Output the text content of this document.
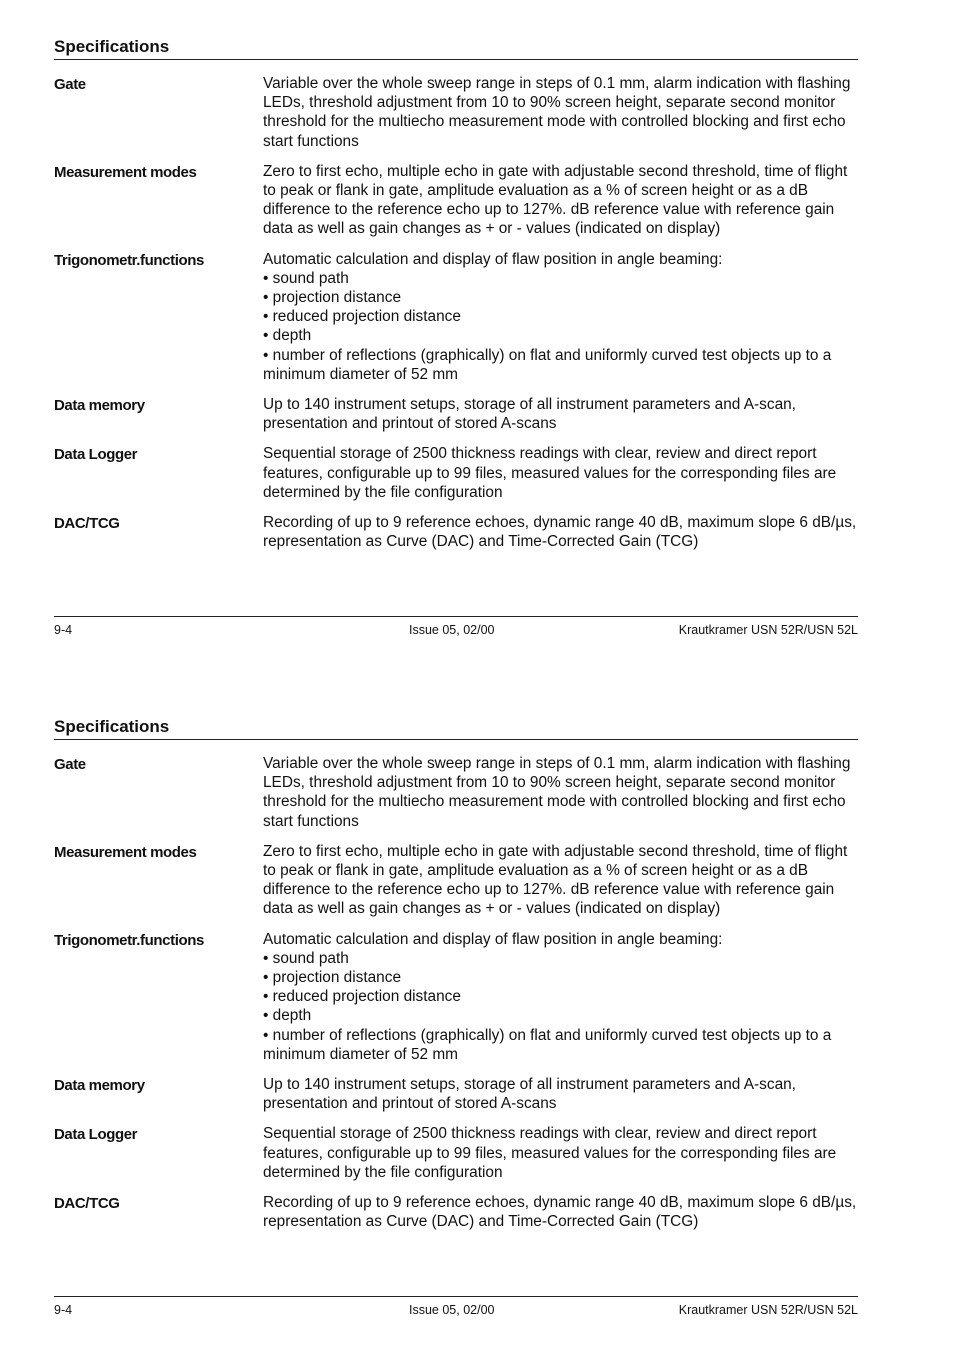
Specifications
Gate	Variable over the whole sweep range in steps of 0.1 mm, alarm indication with flashing LEDs, threshold adjustment from 10 to 90% screen height, separate second monitor threshold for the multiecho measurement mode with controlled blocking and first echo start functions

Measurement modes	Zero to first echo, multiple echo in gate with adjustable second threshold, time of flight to peak or flank in gate, amplitude evaluation as a % of screen height or as a dB difference to the reference echo up to 127%. dB reference value with reference gain data as well as gain changes as + or - values (indicated on display)

Trigonometr.functions	Automatic calculation and display of flaw position in angle beaming:

• sound path
• projection distance
• reduced projection distance
• depth
• number of reflections (graphically) on flat and uniformly curved test objects up to a minimum diameter of 52 mm
Data memory	Up to 140 instrument setups, storage of all instrument parameters and A-scan, presentation and printout of stored A-scans

Data Logger	Sequential storage of 2500 thickness readings with clear, review and direct report features, configurable up to 99 files, measured values for the corresponding files are determined by the file configuration

DAC/TCG	Recording of up to 9 reference echoes, dynamic range 40 dB, maximum slope 6 dB/µs, representation as Curve (DAC) and Time-Corrected Gain (TCG)

9-4	Issue 05, 02/00	Krautkramer USN 52R/USN 52L
Specifications
Gate	Variable over the whole sweep range in steps of 0.1 mm, alarm indication with flashing LEDs, threshold adjustment from 10 to 90% screen height, separate second monitor threshold for the multiecho measurement mode with controlled blocking and first echo start functions

Measurement modes	Zero to first echo, multiple echo in gate with adjustable second threshold, time of flight to peak or flank in gate, amplitude evaluation as a % of screen height or as a dB difference to the reference echo up to 127%. dB reference value with reference gain data as well as gain changes as + or - values (indicated on display)

Trigonometr.functions	Automatic calculation and display of flaw position in angle beaming:

• sound path
• projection distance
• reduced projection distance
• depth
• number of reflections (graphically) on flat and uniformly curved test objects up to a minimum diameter of 52 mm
Data memory	Up to 140 instrument setups, storage of all instrument parameters and A-scan, presentation and printout of stored A-scans

Data Logger	Sequential storage of 2500 thickness readings with clear, review and direct report features, configurable up to 99 files, measured values for the corresponding files are determined by the file configuration

DAC/TCG	Recording of up to 9 reference echoes, dynamic range 40 dB, maximum slope 6 dB/µs, representation as Curve (DAC) and Time-Corrected Gain (TCG)

9-4	Issue 05, 02/00	Krautkramer USN 52R/USN 52L
